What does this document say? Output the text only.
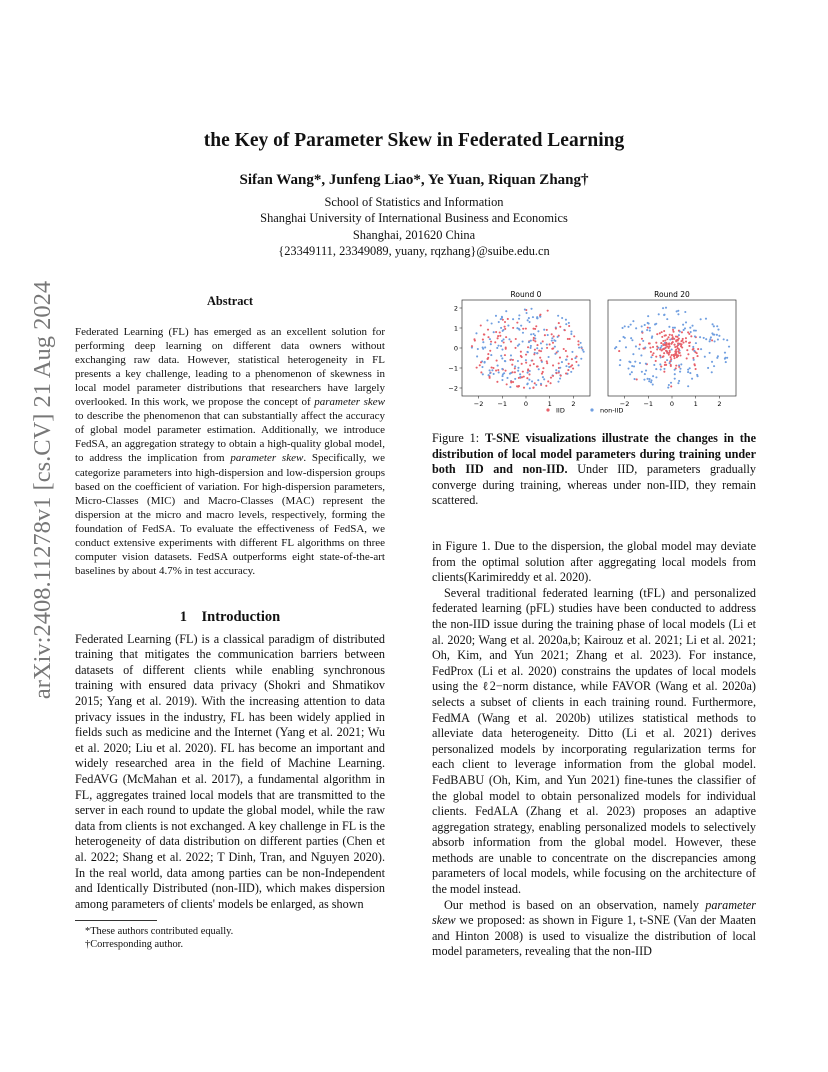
arXiv:2408.11278v1 [cs.CV] 21 Aug 2024
the Key of Parameter Skew in Federated Learning
Sifan Wang*, Junfeng Liao*, Ye Yuan, Riquan Zhang†
School of Statistics and Information
Shanghai University of International Business and Economics
Shanghai, 201620 China
{23349111, 23349089, yuany, rqzhang}@suibe.edu.cn
Abstract

Federated Learning (FL) has emerged as an excellent solution for performing deep learning on different data owners without exchanging raw data. However, statistical heterogeneity in FL presents a key challenge, leading to a phenomenon of skewness in local model parameter distributions that researchers have largely overlooked. In this work, we propose the concept of parameter skew to describe the phenomenon that can substantially affect the accuracy of global model parameter estimation. Additionally, we introduce FedSA, an aggregation strategy to obtain a high-quality global model, to address the implication from parameter skew. Specifically, we categorize parameters into high-dispersion and low-dispersion groups based on the coefficient of variation. For high-dispersion parameters, Micro-Classes (MIC) and Macro-Classes (MAC) represent the dispersion at the micro and macro levels, respectively, forming the foundation of FedSA. To evaluate the effectiveness of FedSA, we conduct extensive experiments with different FL algorithms on three computer vision datasets. FedSA outperforms eight state-of-the-art baselines by about 4.7% in test accuracy.

1    Introduction

Federated Learning (FL) is a classical paradigm of distributed training that mitigates the communication barriers between datasets of different clients while enabling synchronous training with ensured data privacy (Shokri and Shmatikov 2015; Yang et al. 2019). With the increasing attention to data privacy issues in the industry, FL has been widely applied in fields such as medicine and the Internet (Yang et al. 2021; Wu et al. 2020; Liu et al. 2020). FL has become an important and widely researched area in the field of Machine Learning. FedAVG (McMahan et al. 2017), a fundamental algorithm in FL, aggregates trained local models that are transmitted to the server in each round to update the global model, while the raw data from clients is not exchanged. A key challenge in FL is the heterogeneity of data distribution on different parties (Chen et al. 2022; Shang et al. 2022; T Dinh, Tran, and Nguyen 2020). In the real world, data among parties can be non-Independent and Identically Distributed (non-IID), which makes dispersion among parameters of clients' models be enlarged, as shown

*These authors contributed equally.
†Corresponding author.
Round 0
−2 −1	0	1	2
2
1
0
−1
−2
Round 20
−2 −1	0	1	2
IID	non-IID
Figure 1: T-SNE visualizations illustrate the changes in the distribution of local model parameters during training under both IID and non-IID. Under IID, parameters gradually converge during training, whereas under non-IID, they remain scattered.

in Figure 1. Due to the dispersion, the global model may deviate from the optimal solution after aggregating local models from clients(Karimireddy et al. 2020).

Several traditional federated learning (tFL) and personalized federated learning (pFL) studies have been conducted to address the non-IID issue during the training phase of local models (Li et al. 2020; Wang et al. 2020a,b; Kairouz et al. 2021; Li et al. 2021; Oh, Kim, and Yun 2021; Zhang et al. 2023). For instance, FedProx (Li et al. 2020) constrains the updates of local models using the ℓ2−norm distance, while FAVOR (Wang et al. 2020a) selects a subset of clients in each training round. Furthermore, FedMA (Wang et al. 2020b) utilizes statistical methods to alleviate data heterogeneity. Ditto (Li et al. 2021) derives personalized models by incorporating regularization terms for each client to leverage information from the global model. FedBABU (Oh, Kim, and Yun 2021) fine-tunes the classifier of the global model to obtain personalized models for individual clients. FedALA (Zhang et al. 2023) proposes an adaptive aggregation strategy, enabling personalized models to selectively absorb information from the global model. However, these methods are unable to concentrate on the discrepancies among parameters of local models, while focusing on the architecture of the model instead.

Our method is based on an observation, namely parameter skew we proposed: as shown in Figure 1, t-SNE (Van der Maaten and Hinton 2008) is used to visualize the distribution of local model parameters, revealing that the non-IID
